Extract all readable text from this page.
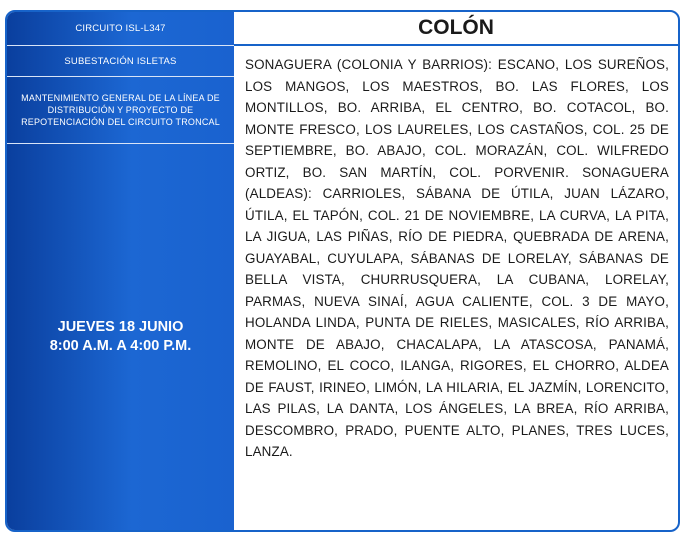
CIRCUITO ISL-L347
SUBESTACIÓN ISLETAS
MANTENIMIENTO GENERAL DE LA LÍNEA DE DISTRIBUCIÓN Y PROYECTO DE REPOTENCIACIÓN DEL CIRCUITO TRONCAL
JUEVES 18 JUNIO
8:00 A.M. A 4:00 P.M.
COLÓN
SONAGUERA (COLONIA Y BARRIOS): ESCANO, LOS SUREÑOS, LOS MANGOS, LOS MAESTROS, BO. LAS FLORES, LOS MONTILLOS, BO. ARRIBA, EL CENTRO, BO. COTACOL, BO. MONTE FRESCO, LOS LAURELES, LOS CASTAÑOS, COL. 25 DE SEPTIEMBRE, BO. ABAJO, COL. MORAZÁN, COL. WILFREDO ORTIZ, BO. SAN MARTÍN, COL. PORVENIR. SONAGUERA (ALDEAS): CARRIOLES, SÁBANA DE ÚTILA, JUAN LÁZARO, ÚTILA, EL TAPÓN, COL. 21 DE NOVIEMBRE, LA CURVA, LA PITA, LA JIGUA, LAS PIÑAS, RÍO DE PIEDRA, QUEBRADA DE ARENA, GUAYABAL, CUYULAPA, SÁBANAS DE LORELAY, SÁBANAS DE BELLA VISTA, CHURRUSQUERA, LA CUBANA, LORELAY, PARMAS, NUEVA SINAÍ, AGUA CALIENTE, COL. 3 DE MAYO, HOLANDA LINDA, PUNTA DE RIELES, MASICALES, RÍO ARRIBA, MONTE DE ABAJO, CHACALAPA, LA ATASCOSA, PANAMÁ, REMOLINO, EL COCO, ILANGA, RIGORES, EL CHORRO, ALDEA DE FAUST, IRINEO, LIMÓN, LA HILARIA, EL JAZMÍN, LORENCITO, LAS PILAS, LA DANTA, LOS ÁNGELES, LA BREA, RÍO ARRIBA, DESCOMBRO, PRADO, PUENTE ALTO, PLANES, TRES LUCES, LANZA.
